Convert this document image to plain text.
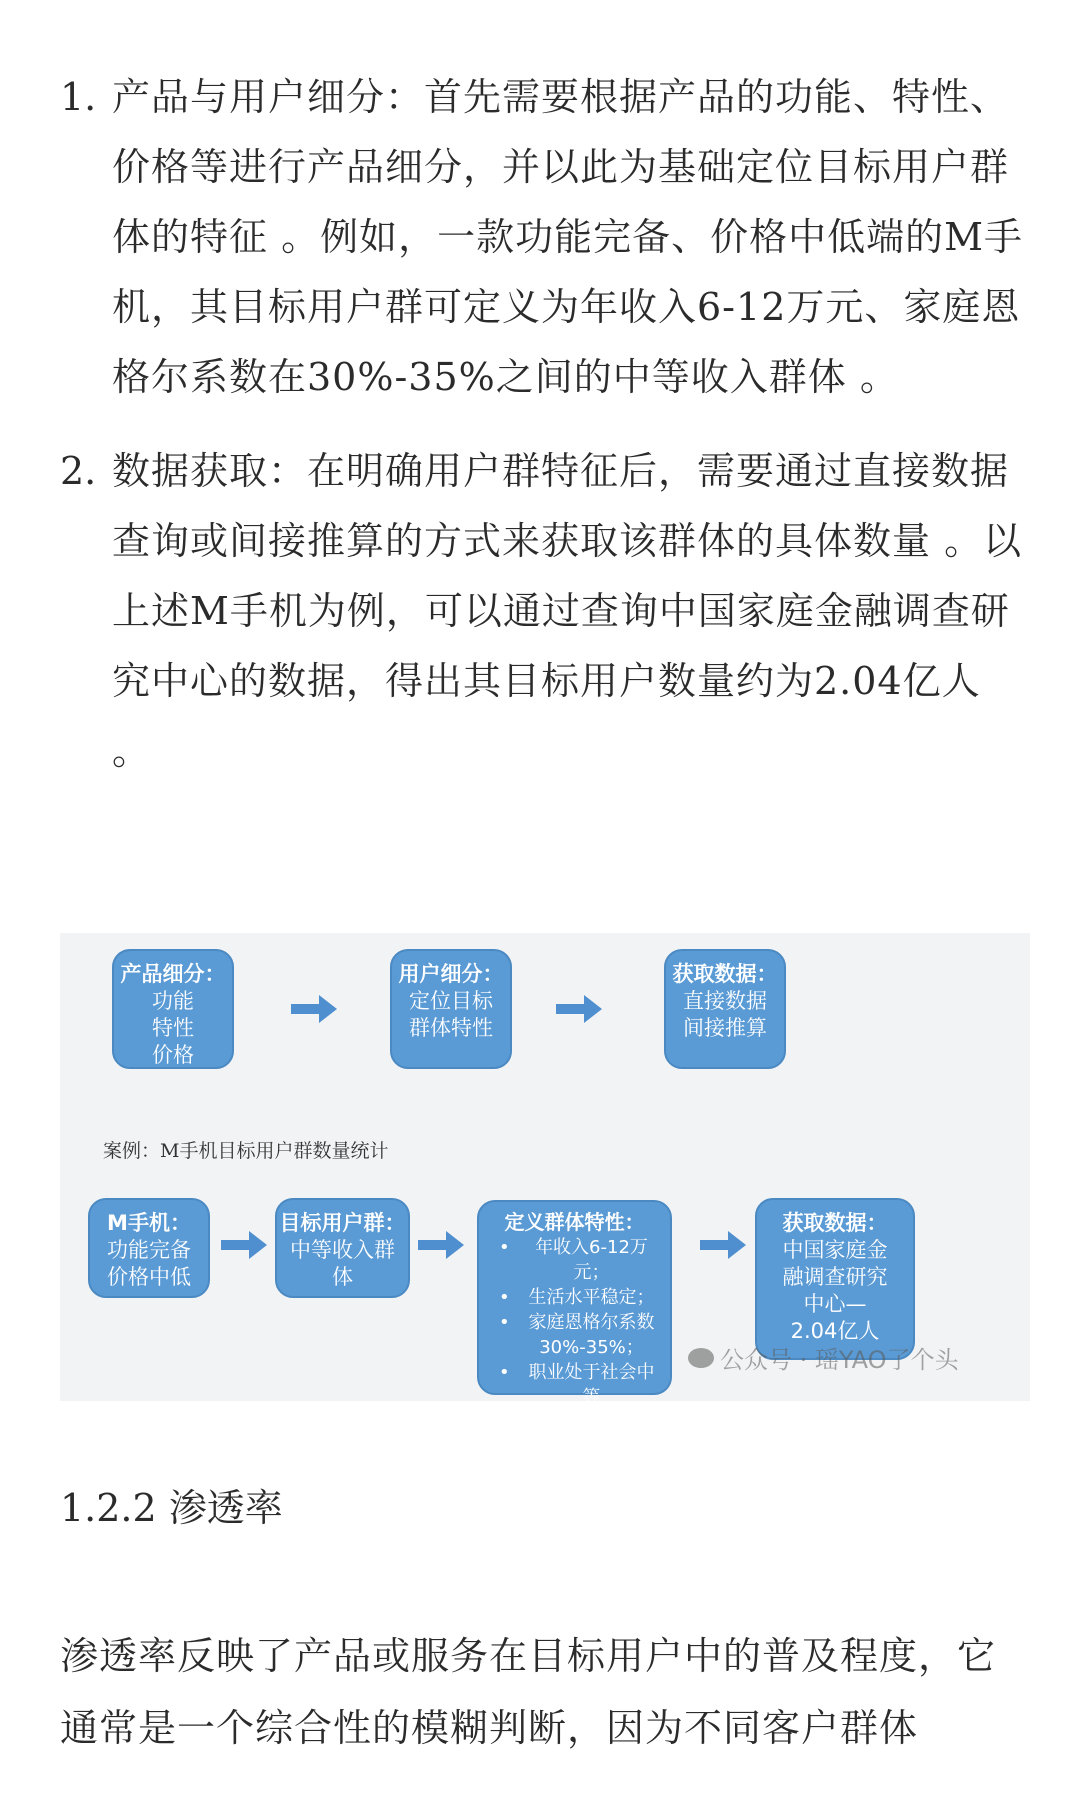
1. 产品与用户细分：首先需要根据产品的功能、特性、价格等进行产品细分，并以此为基础定位目标用户群体的特征 。例如，一款功能完备、价格中低端的M手机，其目标用户群可定义为年收入6-12万元、家庭恩格尔系数在30%-35%之间的中等收入群体 。
2. 数据获取：在明确用户群特征后，需要通过直接数据查询或间接推算的方式来获取该群体的具体数量 。以上述M手机为例，可以通过查询中国家庭金融调查研究中心的数据，得出其目标用户数量约为2.04亿人 。
产品细分：
功能
特性
价格
用户细分：
定位目标
群体特性
获取数据：
直接数据
间接推算
案例：M手机目标用户群数量统计
M手机：
功能完备
价格中低
目标用户群：
中等收入群
体
定义群体特性：
• 年收入6-12万元；
• 生活水平稳定；
• 家庭恩格尔系数30%-35%；
• 职业处于社会中等
获取数据：
中国家庭金
融调查研究
中心—
2.04亿人
公众号 · 瑶YAO了个头
1.2.2 渗透率
渗透率反映了产品或服务在目标用户中的普及程度，它通常是一个综合性的模糊判断，因为不同客户群体
